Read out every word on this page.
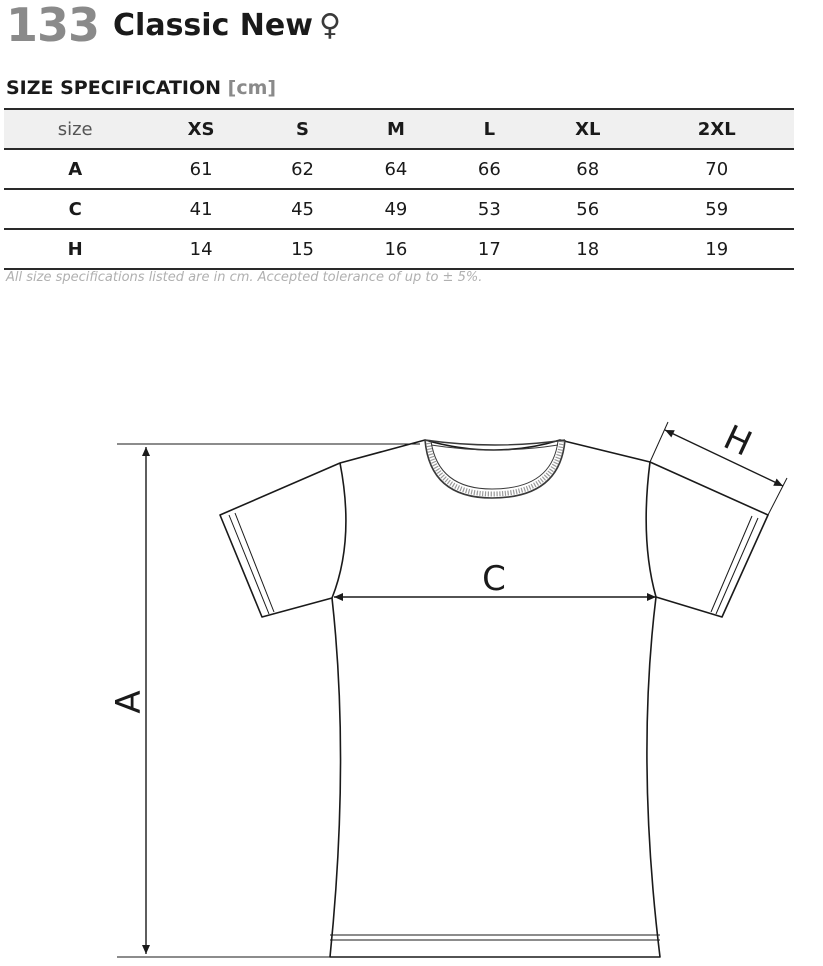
133 Classic New ♀
SIZE SPECIFICATION [cm]
size	XS	S	M	L	XL	2XL
A	61	62	64	66	68	70
C	41	45	49	53	56	59
H	14	15	16	17	18	19
All size specifications listed are in cm. Accepted tolerance of up to ± 5%.
A
C
H
